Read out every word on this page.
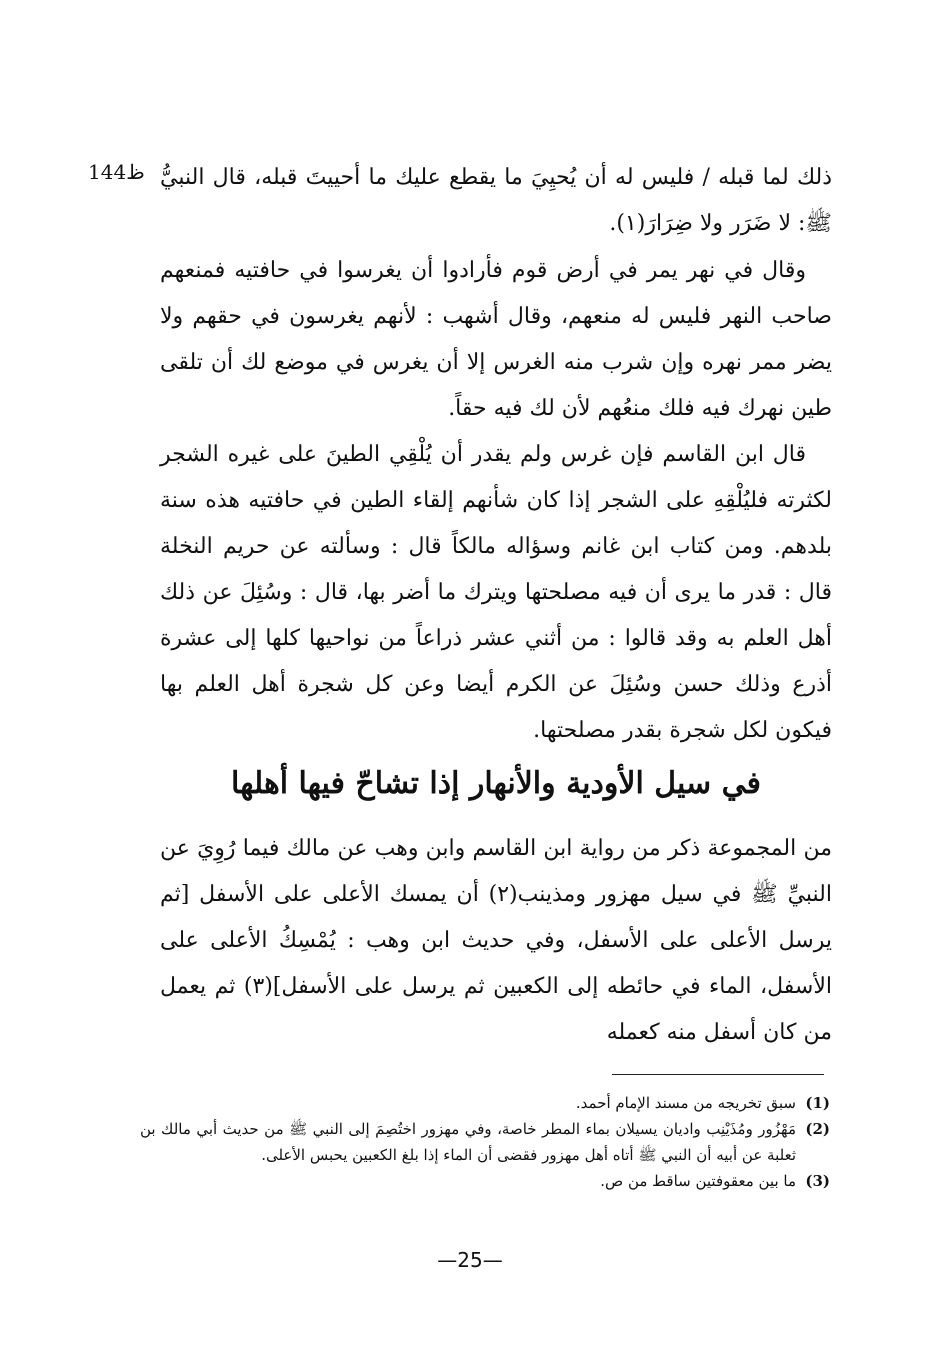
144ظ ذلك لما قبله / فليس له أن يُحيِيَ ما يقطع عليك ما أحييتَ قبله، قال النبيُّ ﷺ: لا ضَرَر ولا ضِرَارَ(١).
وقال في نهر يمر في أرض قوم فأرادوا أن يغرسوا في حافتيه فمنعهم صاحب النهر فليس له منعهم، وقال أشهب : لأنهم يغرسون في حقهم ولا يضر ممر نهره وإن شرب منه الغرس إلا أن يغرس في موضع لك أن تلقى طين نهرك فيه فلك منعُهم لأن لك فيه حقاً.
قال ابن القاسم فإن غرس ولم يقدر أن يُلْقِي الطينَ على غيره الشجر لكثرته فليُلْقِهِ على الشجر إذا كان شأنهم إلقاء الطين في حافتيه هذه سنة بلدهم. ومن كتاب ابن غانم وسؤاله مالكاً قال : وسألته عن حريم النخلة قال : قدر ما يرى أن فيه مصلحتها ويترك ما أضر بها، قال : وسُئِلَ عن ذلك أهل العلم به وقد قالوا : من أثني عشر ذراعاً من نواحيها كلها إلى عشرة أذرع وذلك حسن وسُئِلَ عن الكرم أيضا وعن كل شجرة أهل العلم بها فيكون لكل شجرة بقدر مصلحتها.
في سيل الأودية والأنهار إذا تشاحّ فيها أهلها
من المجموعة ذكر من رواية ابن القاسم وابن وهب عن مالك فيما رُوِيَ عن النبيِّ ﷺ في سيل مهزور ومذينب(٢) أن يمسك الأعلى على الأسفل [ثم يرسل الأعلى على الأسفل، وفي حديث ابن وهب : يُمْسِكُ الأعلى على الأسفل، الماء في حائطه إلى الكعبين ثم يرسل على الأسفل](٣) ثم يعمل من كان أسفل منه كعمله
(1)
سبق تخريجه من مسند الإمام أحمد.
(2)
مَهْزُور ومُذَيْنِب واديان يسيلان بماء المطر خاصة، وفي مهزور اختُصِمَ إلى النبي ﷺ من حديث أبي مالك بن ثعلبة عن أبيه أن النبي ﷺ أتاه أهل مهزور فقضى أن الماء إذا بلغ الكعبين يحبس الأعلى.
(3)
ما بين معقوفتين ساقط من ص.
—25—
